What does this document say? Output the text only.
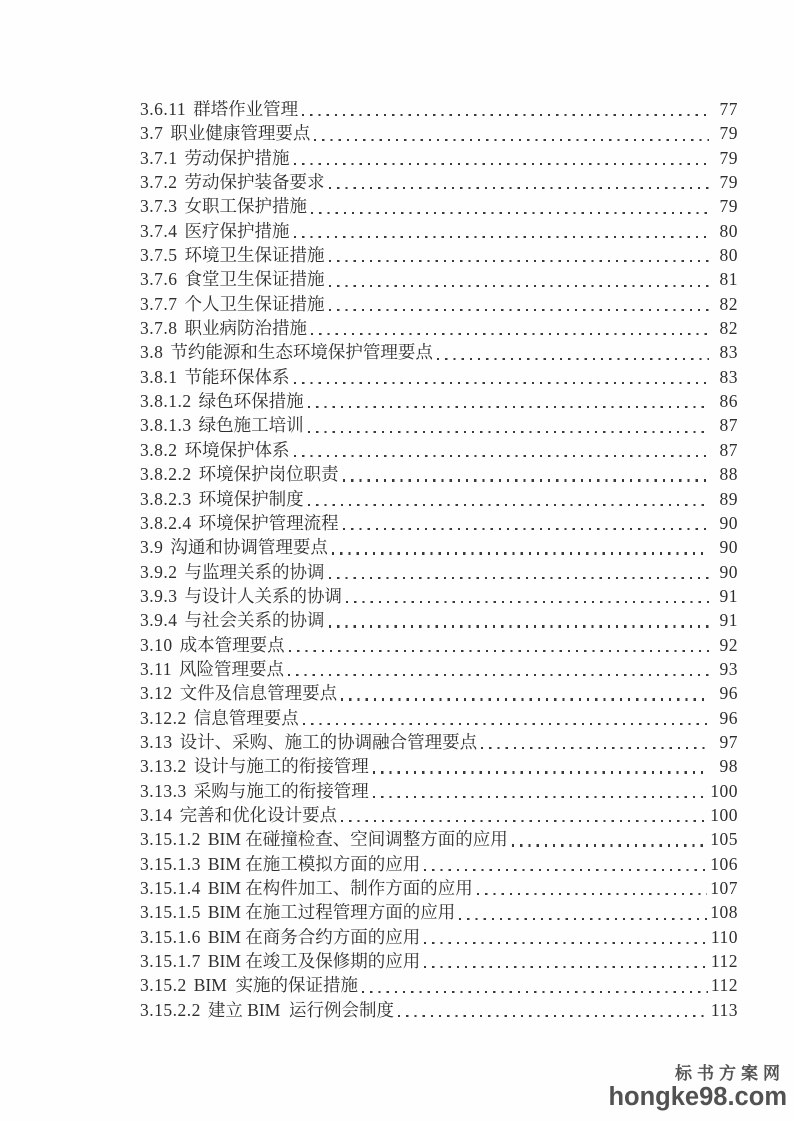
3.6.11 群塔作业管理	77
3.7 职业健康管理要点	79
3.7.1 劳动保护措施	79
3.7.2 劳动保护装备要求	79
3.7.3 女职工保护措施	79
3.7.4 医疗保护措施	80
3.7.5 环境卫生保证措施	80
3.7.6 食堂卫生保证措施	81
3.7.7 个人卫生保证措施	82
3.7.8 职业病防治措施	82
3.8 节约能源和生态环境保护管理要点	83
3.8.1 节能环保体系	83
3.8.1.2 绿色环保措施	86
3.8.1.3 绿色施工培训	87
3.8.2 环境保护体系	87
3.8.2.2 环境保护岗位职责	88
3.8.2.3 环境保护制度	89
3.8.2.4 环境保护管理流程	90
3.9 沟通和协调管理要点	90
3.9.2 与监理关系的协调	90
3.9.3 与设计人关系的协调	91
3.9.4 与社会关系的协调	91
3.10 成本管理要点	92
3.11 风险管理要点	93
3.12 文件及信息管理要点	96
3.12.2 信息管理要点	96
3.13 设计、采购、施工的协调融合管理要点	97
3.13.2 设计与施工的衔接管理	98
3.13.3 采购与施工的衔接管理	100
3.14 完善和优化设计要点	100
3.15.1.2 BIM 在碰撞检查、空间调整方面的应用	105
3.15.1.3 BIM 在施工模拟方面的应用	106
3.15.1.4 BIM 在构件加工、制作方面的应用	107
3.15.1.5 BIM 在施工过程管理方面的应用	108
3.15.1.6 BIM 在商务合约方面的应用	110
3.15.1.7 BIM 在竣工及保修期的应用	112
3.15.2 BIM  实施的保证措施	112
3.15.2.2 建立 BIM  运行例会制度	113
标书方案网
hongke98.com
